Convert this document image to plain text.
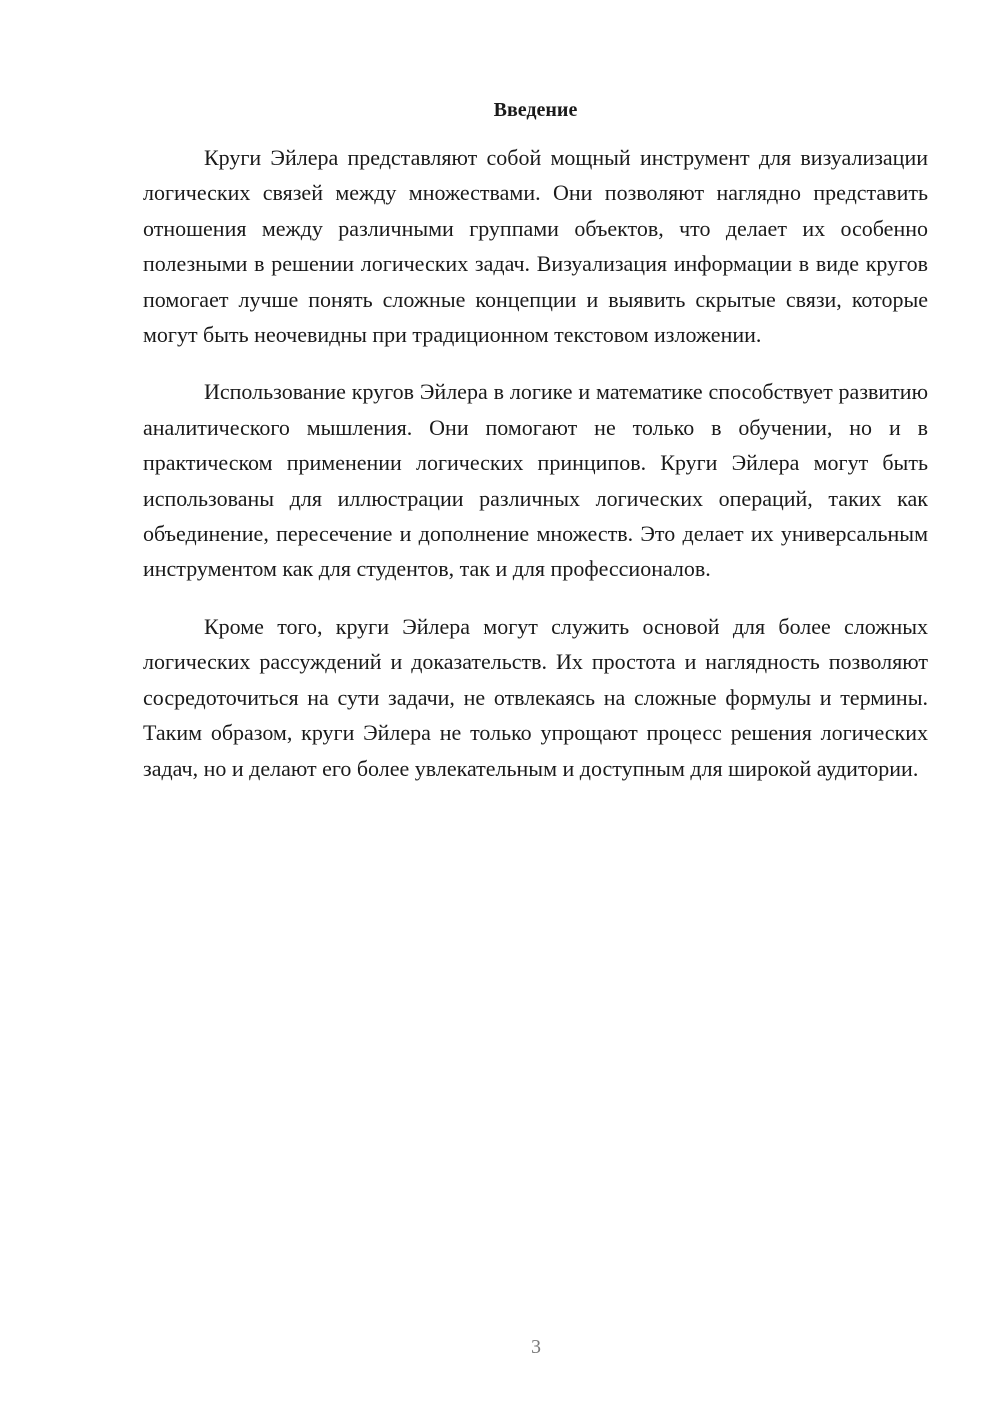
Введение

Круги Эйлера представляют собой мощный инструмент для визуализации логических связей между множествами. Они позволяют наглядно представить отношения между различными группами объектов, что делает их особенно полезными в решении логических задач. Визуализация информации в виде кругов помогает лучше понять сложные концепции и выявить скрытые связи, которые могут быть неочевидны при традиционном текстовом изложении.

Использование кругов Эйлера в логике и математике способствует развитию аналитического мышления. Они помогают не только в обучении, но и в практическом применении логических принципов. Круги Эйлера могут быть использованы для иллюстрации различных логических операций, таких как объединение, пересечение и дополнение множеств. Это делает их универсальным инструментом как для студентов, так и для профессионалов.

Кроме того, круги Эйлера могут служить основой для более сложных логических рассуждений и доказательств. Их простота и наглядность позволяют сосредоточиться на сути задачи, не отвлекаясь на сложные формулы и термины. Таким образом, круги Эйлера не только упрощают процесс решения логических задач, но и делают его более увлекательным и доступным для широкой аудитории.

3
